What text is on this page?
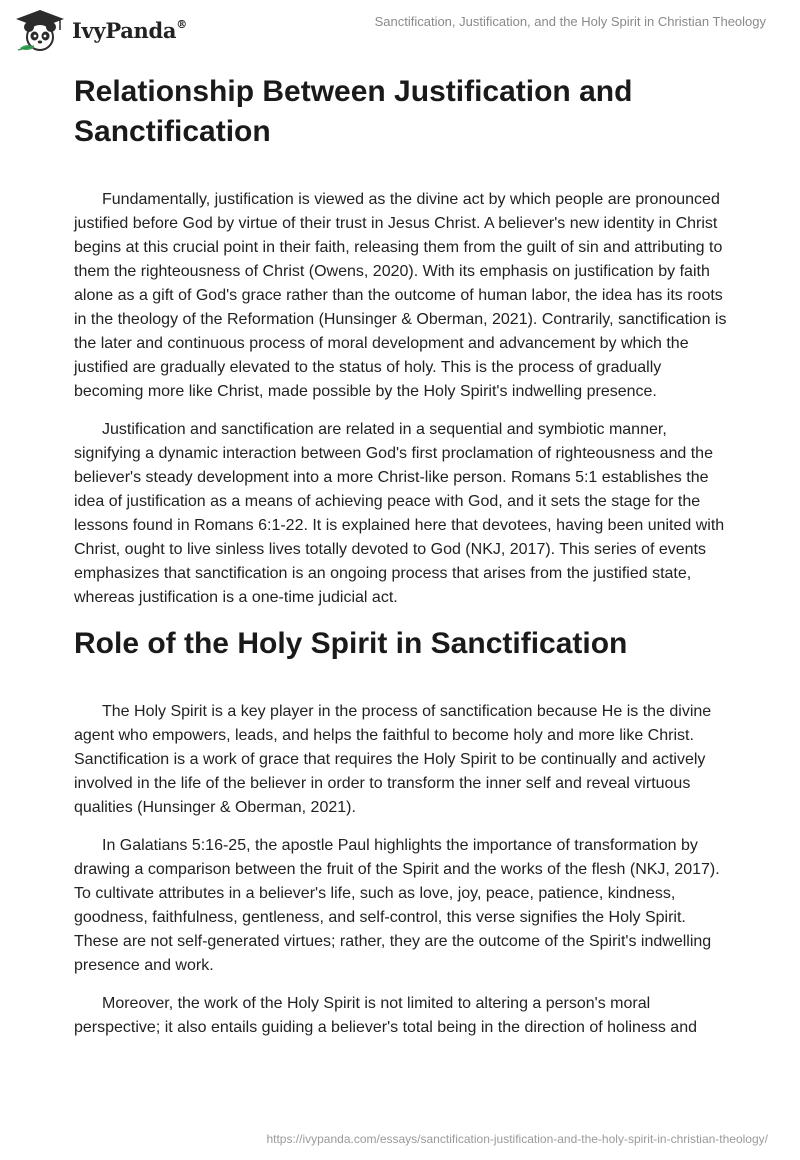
IvyPanda®	Sanctification, Justification, and the Holy Spirit in Christian Theology
Relationship Between Justification and Sanctification

Fundamentally, justification is viewed as the divine act by which people are pronounced justified before God by virtue of their trust in Jesus Christ. A believer's new identity in Christ begins at this crucial point in their faith, releasing them from the guilt of sin and attributing to them the righteousness of Christ (Owens, 2020). With its emphasis on justification by faith alone as a gift of God's grace rather than the outcome of human labor, the idea has its roots in the theology of the Reformation (Hunsinger & Oberman, 2021). Contrarily, sanctification is the later and continuous process of moral development and advancement by which the justified are gradually elevated to the status of holy. This is the process of gradually becoming more like Christ, made possible by the Holy Spirit's indwelling presence.

Justification and sanctification are related in a sequential and symbiotic manner, signifying a dynamic interaction between God's first proclamation of righteousness and the believer's steady development into a more Christ-like person. Romans 5:1 establishes the idea of justification as a means of achieving peace with God, and it sets the stage for the lessons found in Romans 6:1-22. It is explained here that devotees, having been united with Christ, ought to live sinless lives totally devoted to God (NKJ, 2017). This series of events emphasizes that sanctification is an ongoing process that arises from the justified state, whereas justification is a one-time judicial act.

Role of the Holy Spirit in Sanctification

The Holy Spirit is a key player in the process of sanctification because He is the divine agent who empowers, leads, and helps the faithful to become holy and more like Christ. Sanctification is a work of grace that requires the Holy Spirit to be continually and actively involved in the life of the believer in order to transform the inner self and reveal virtuous qualities (Hunsinger & Oberman, 2021).

In Galatians 5:16-25, the apostle Paul highlights the importance of transformation by drawing a comparison between the fruit of the Spirit and the works of the flesh (NKJ, 2017). To cultivate attributes in a believer's life, such as love, joy, peace, patience, kindness, goodness, faithfulness, gentleness, and self-control, this verse signifies the Holy Spirit. These are not self-generated virtues; rather, they are the outcome of the Spirit's indwelling presence and work.

Moreover, the work of the Holy Spirit is not limited to altering a person's moral perspective; it also entails guiding a believer's total being in the direction of holiness and

https://ivypanda.com/essays/sanctification-justification-and-the-holy-spirit-in-christian-theology/
